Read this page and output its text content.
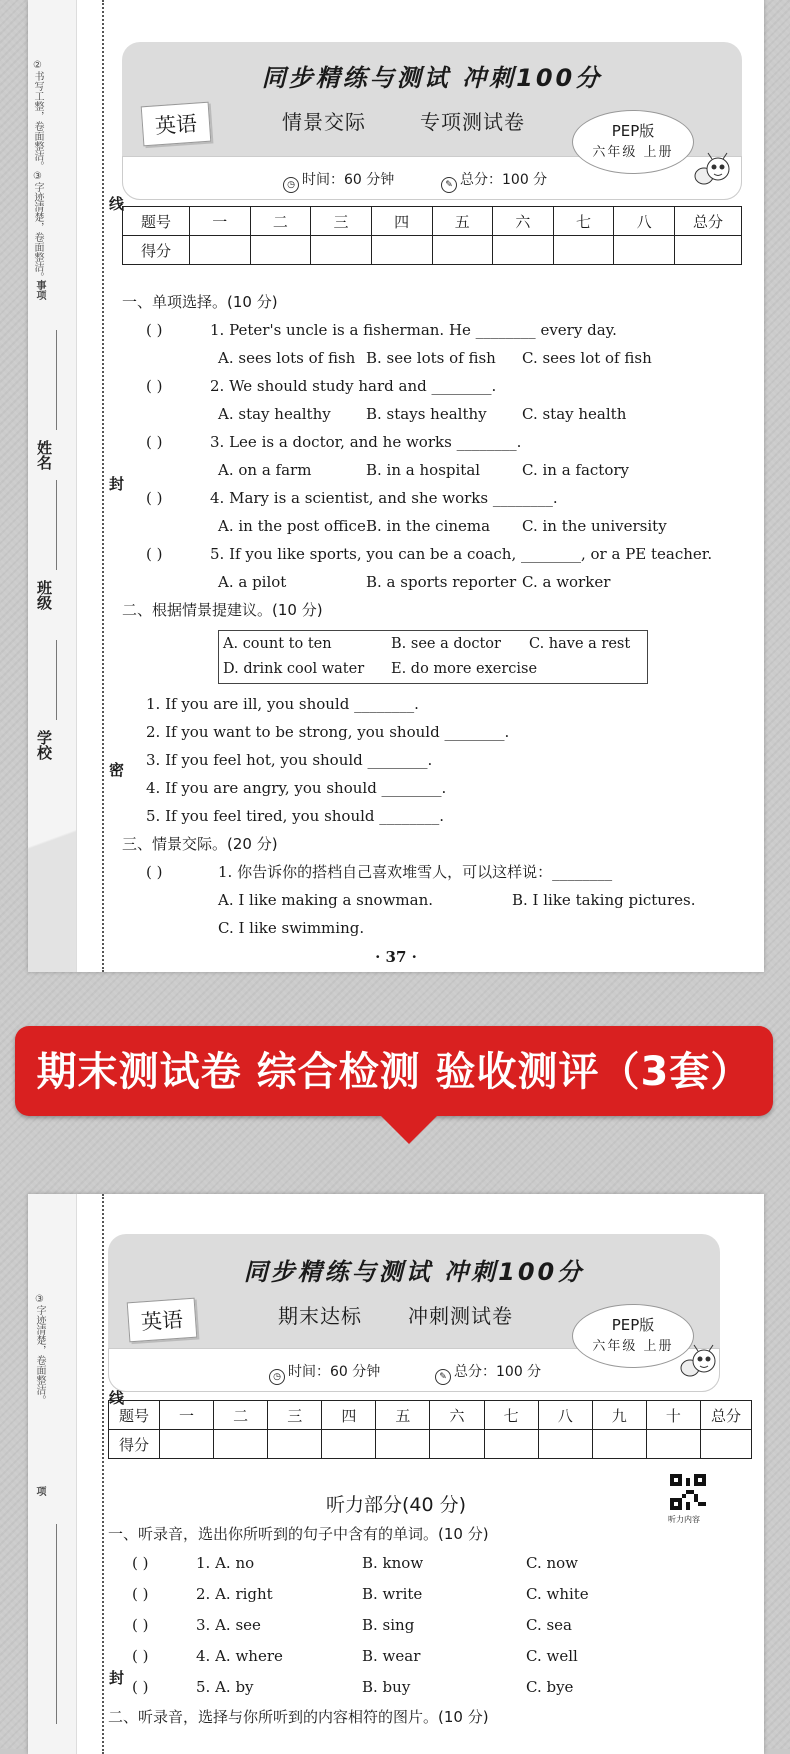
②书写工整，卷面整洁。③字迹清楚，卷面整洁。
事项
姓名
班级
学校
线
封
密
同步精练与测试 冲刺100分
英语	情景交际	专项测试卷
◷ 时间：60 分钟	✎ 总分：100 分
PEP版
六年级 上册
题号	一	二	三	四	五	六	七	八	总分
得分									
一、单项选择。(10 分)
( )	1. Peter's uncle is a fisherman. He ________ every day.
A. sees lots of fish B. see lots of fish C. sees lot of fish
( )	2. We should study hard and ________.
A. stay healthy B. stays healthy C. stay health
( )	3. Lee is a doctor, and he works ________.
A. on a farm	B. in a hospital	C. in a factory
( )	4. Mary is a scientist, and she works ________.
A. in the post office B. in the cinema C. in the university
( )	5. If you like sports, you can be a coach, ________, or a PE teacher.
A. a pilot	B. a sports reporter C. a worker
二、根据情景提建议。(10 分)
A. count to ten	B. see a doctor C. have a rest
D. drink cool water E. do more exercise
1. If you are ill, you should ________.
2. If you want to be strong, you should ________.
3. If you feel hot, you should ________.
4. If you are angry, you should ________.
5. If you feel tired, you should ________.
三、情景交际。(20 分)
( )	1. 你告诉你的搭档自己喜欢堆雪人，可以这样说：________
A. I like making a snowman.	B. I like taking pictures.
C. I like swimming.
· 37 ·
期末测试卷 综合检测 验收测评（3套）
③字迹清楚，卷面整洁。
项
线
封
同步精练与测试 冲刺100分
英语	期末达标 冲刺测试卷
◷ 时间：60 分钟	✎ 总分：100 分
PEP版
六年级 上册
题号	一	二	三	四	五	六	七	八	九	十	总分
得分											
听力部分(40 分)
听力内容
一、听录音，选出你所听到的句子中含有的单词。(10 分)
( )	1. A. no	B. know	C. now
( )	2. A. right	B. write	C. white
( )	3. A. see	B. sing	C. sea
( )	4. A. where	B. wear	C. well
( )	5. A. by	B. buy	C. bye
二、听录音，选择与你所听到的内容相符的图片。(10 分)
